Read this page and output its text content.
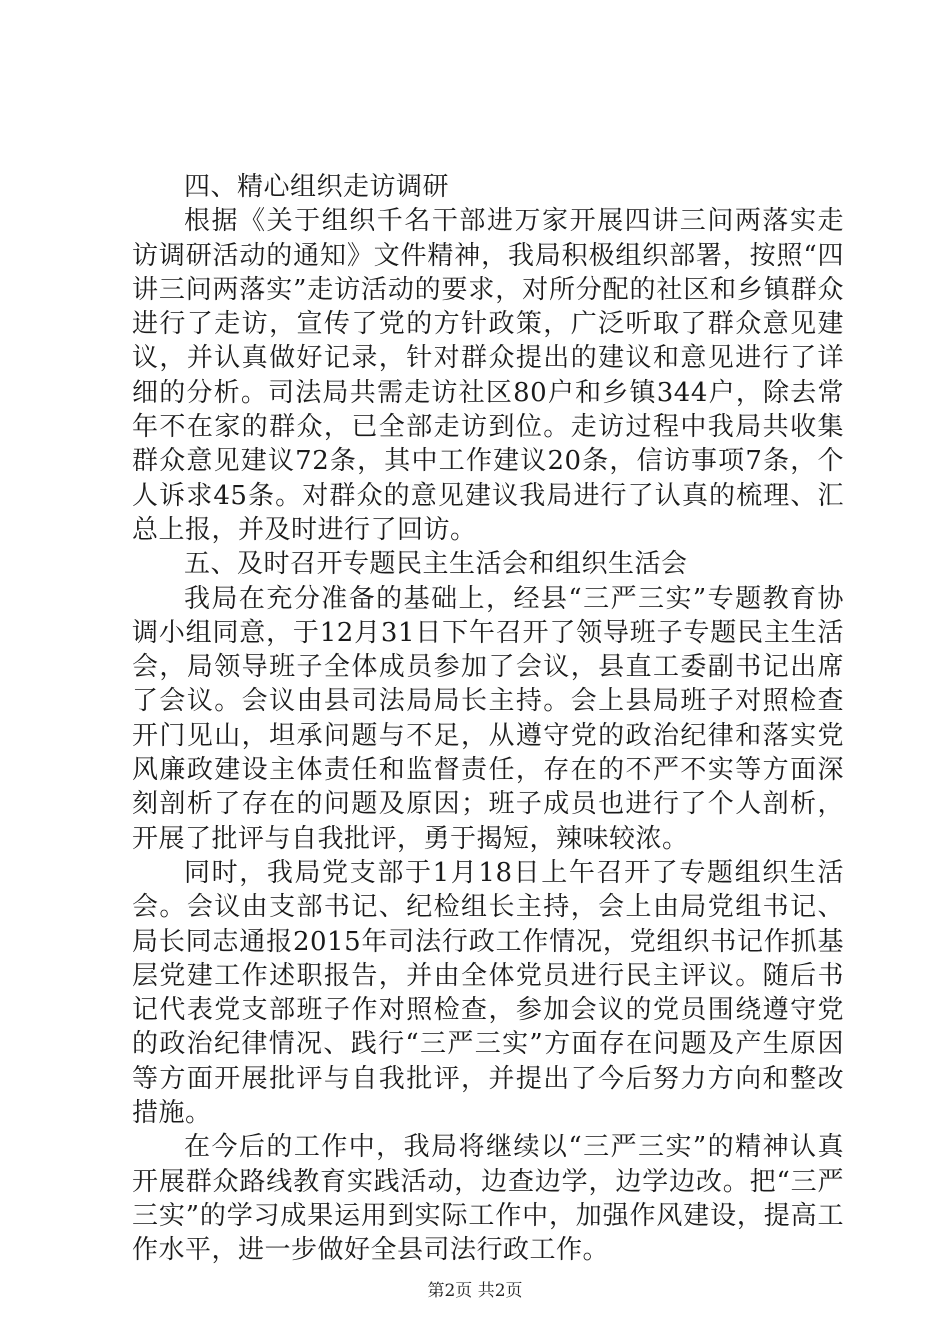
四、精心组织走访调研

根据《关于组织千名干部进万家开展四讲三问两落实走访调研活动的通知》文件精神，我局积极组织部署，按照“四讲三问两落实”走访活动的要求，对所分配的社区和乡镇群众进行了走访，宣传了党的方针政策，广泛听取了群众意见建议，并认真做好记录，针对群众提出的建议和意见进行了详细的分析。司法局共需走访社区80户和乡镇344户，除去常年不在家的群众，已全部走访到位。走访过程中我局共收集群众意见建议72条，其中工作建议20条，信访事项7条，个人诉求45条。对群众的意见建议我局进行了认真的梳理、汇总上报，并及时进行了回访。

五、及时召开专题民主生活会和组织生活会

我局在充分准备的基础上，经县“三严三实”专题教育协调小组同意，于12月31日下午召开了领导班子专题民主生活会，局领导班子全体成员参加了会议，县直工委副书记出席了会议。会议由县司法局局长主持。会上县局班子对照检查开门见山，坦承问题与不足，从遵守党的政治纪律和落实党风廉政建设主体责任和监督责任，存在的不严不实等方面深刻剖析了存在的问题及原因；班子成员也进行了个人剖析，开展了批评与自我批评，勇于揭短，辣味较浓。

同时，我局党支部于1月18日上午召开了专题组织生活会。会议由支部书记、纪检组长主持，会上由局党组书记、局长同志通报2015年司法行政工作情况，党组织书记作抓基层党建工作述职报告，并由全体党员进行民主评议。随后书记代表党支部班子作对照检查，参加会议的党员围绕遵守党的政治纪律情况、践行“三严三实”方面存在问题及产生原因等方面开展批评与自我批评，并提出了今后努力方向和整改措施。

在今后的工作中，我局将继续以“三严三实”的精神认真开展群众路线教育实践活动，边查边学，边学边改。把“三严三实”的学习成果运用到实际工作中，加强作风建设，提高工作水平，进一步做好全县司法行政工作。

第2页 共2页
